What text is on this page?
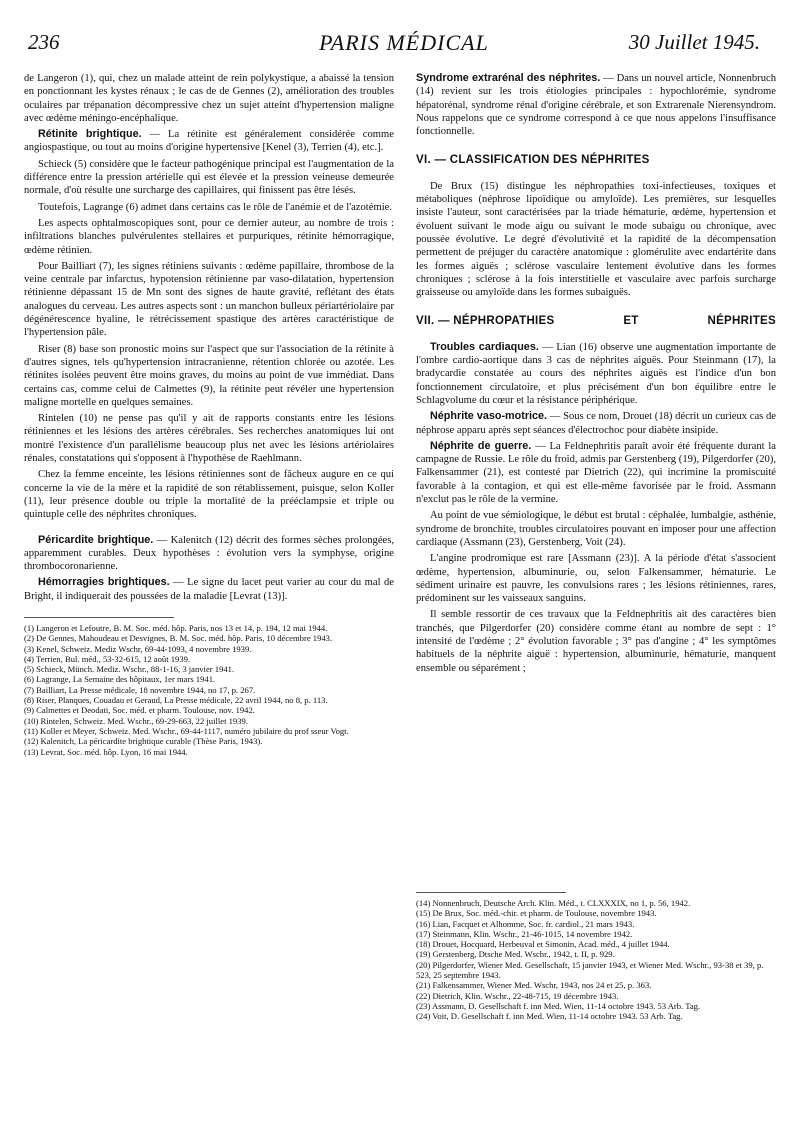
236	PARIS MÉDICAL	30 Juillet 1945.

de Langeron (1), qui, chez un malade atteint de rein polykystique, a abaissé la tension en ponctionnant les kystes rénaux ; le cas de de Gennes (2), amélioration des troubles oculaires par trépanation décompressive chez un sujet atteint d'hypertension maligne avec œdème méningo-encéphalique.

Rétinite brightique. — La rétinite est généralement considérée comme angiospastique, ou tout au moins d'origine hypertensive [Kenel (3), Terrien (4), etc.].

Schieck (5) considère que le facteur pathogénique principal est l'augmentation de la différence entre la pression artérielle qui est élevée et la pression veineuse demeurée normale, d'où résulte une surcharge des capillaires, qui finissent pas être lésés.

Toutefois, Lagrange (6) admet dans certains cas le rôle de l'anémie et de l'azotémie.

Les aspects ophtalmoscopiques sont, pour ce dernier auteur, au nombre de trois : infiltrations blanches pulvérulentes stellaires et purpuriques, rétinite hémorragique, œdème rétinien.

Pour Bailliart (7), les signes rétiniens suivants : œdème papillaire, thrombose de la veine centrale par infarctus, hypotension rétinienne par vaso-dilatation, hypertension rétinienne dépassant 15 de Mn sont des signes de haute gravité, reflétant des états analogues du cerveau. Les autres aspects sont : un manchon bulleux périartériolaire par dégénérescence hyaline, le rétrécissement spastique des artères caractéristique de l'hypertension pâle.

Riser (8) base son pronostic moins sur l'aspect que sur l'association de la rétinite à d'autres signes, tels qu'hypertension intracranienne, rétention chlorée ou azotée. Les rétinites isolées peuvent être moins graves, du moins au point de vue immédiat. Dans certains cas, comme celui de Calmettes (9), la rétinite peut révéler une hypertension maligne mortelle en quelques semaines.

Rintelen (10) ne pense pas qu'il y ait de rapports constants entre les lésions rétiniennes et les lésions des artères cérébrales. Ses recherches anatomiques lui ont montré l'existence d'un parallélisme beaucoup plus net avec les lésions artériolaires rénales, constatations qui s'opposent à l'hypothèse de Raehlmann.

Chez la femme enceinte, les lésions rétiniennes sont de fâcheux augure en ce qui concerne la vie de la mère et la rapidité de son rétablissement, puisque, selon Koller (11), leur présence double ou triple la mortalité de la prééclampsie et triple ou quintuple celle des néphrites chroniques.

Péricardite brightique. — Kalenitch (12) décrit des formes sèches prolongées, apparemment curables. Deux hypothèses : évolution vers la symphyse, origine thrombocoronarienne.

Hémorragies brightiques. — Le signe du lacet peut varier au cour du mal de Bright, il indiquerait des poussées de la maladie [Levrat (13)].

(1) Langeron et Lefoutre, B. M. Soc. méd. hôp. Paris, nos 13 et 14, p. 194, 12 mai 1944.
(2) De Gennes, Mahoudeau et Desvignes, B. M. Soc. méd. hôp. Paris, 10 décembre 1943.
(3) Kenel, Schweiz. Mediz Wschr, 69-44-1093, 4 novembre 1939.
(4) Terrien, Bul. méd., 53-32-615, 12 août 1939.
(5) Schieck, Münch. Mediz. Wschr., 88-1-16, 3 janvier 1941.
(6) Lagrange, La Semaine des hôpitaux, 1er mars 1941.
(7) Bailliart, La Presse médicale, 18 novembre 1944, no 17, p. 267.
(8) Riser, Planques, Couadau et Geraud, La Presse médicale, 22 avril 1944, no 8, p. 113.
(9) Calmettes et Deodati, Soc. méd. et pharm. Toulouse, nov. 1942.
(10) Rintelen, Schweiz. Med. Wschr., 69-29-663, 22 juillet 1939.
(11) Koller et Meyer, Schweiz. Med. Wschr., 69-44-1117, numéro jubilaire du prof sseur Vogt.
(12) Kalenitch, La péricardite brightique curable (Thèse Paris, 1943).
(13) Levrat, Soc. méd. hôp. Lyon, 16 mai 1944.

Syndrome extrarénal des néphrites. — Dans un nouvel article, Nonnenbruch (14) revient sur les trois étiologies principales : hypochlorémie, syndrome hépatorénal, syndrome rénal d'origine cérébrale, et son Extrarenale Nierensyndrom. Nous rappelons que ce syndrome correspond à ce que nous appelons l'insuffisance fonctionnelle.

VI. — CLASSIFICATION DES NÉPHRITES

De Brux (15) distingue les néphropathies toxi-infectieuses, toxiques et métaboliques (néphrose lipoïdique ou amyloïde). Les premières, sur lesquelles insiste l'auteur, sont caractérisées par la triade hématurie, œdème, hypertension et évoluent suivant le mode aigu ou suivant le mode subaigu ou chronique, avec poussée évolutive. Le degré d'évolutivité et la rapidité de la décompensation permettent de préjuger du caractère anatomique : glomérulite avec endartérite dans les formes aiguës ; sclérose vasculaire lentement évolutive dans les formes chroniques ; sclérose à la fois interstitielle et vasculaire avec parfois surcharge graisseuse ou amyloïde dans les formes subaiguës.

VII. — NÉPHROPATHIES	ET	NÉPHRITES

Troubles cardiaques. — Lian (16) observe une augmentation importante de l'ombre cardio-aortique dans 3 cas de néphrites aiguës. Pour Steinmann (17), la bradycardie constatée au cours des néphrites aiguës est l'indice d'un bon fonctionnement circulatoire, et plus précisément d'un bon équilibre entre le Schlagvolume du cœur et la résistance périphérique.

Néphrite vaso-motrice. — Sous ce nom, Drouet (18) décrit un curieux cas de néphrose apparu après sept séances d'électrochoc pour diabète insipide.

Néphrite de guerre. — La Feldnephritis paraît avoir été fréquente durant la campagne de Russie. Le rôle du froid, admis par Gerstenberg (19), Pilgerdorfer (20), Falkensammer (21), est contesté par Dietrich (22), qui incrimine la promiscuité favorable à la contagion, et qui est elle-même favorisée par le froid. Assmann n'exclut pas le rôle de la vermine.

Au point de vue sémiologique, le début est brutal : céphalée, lumbalgie, asthénie, syndrome de bronchite, troubles circulatoires pouvant en imposer pour une affection cardiaque (Assmann (23), Gerstenberg, Voit (24).

L'angine prodromique est rare [Assmann (23)]. A la période d'état s'associent œdème, hypertension, albuminurie, ou, selon Falkensammer, hématurie. Le sédiment urinaire est pauvre, les convulsions rares ; les lésions rétiniennes, rares, prédominent sur les vaisseaux sanguins.

Il semble ressortir de ces travaux que la Feldnephritis ait des caractères bien tranchés, que Pilgerdorfer (20) considère comme étant au nombre de sept : 1° intensité de l'œdème ; 2° évolution favorable ; 3° pas d'angine ; 4° les symptômes habituels de la néphrite aiguë : hypertension, albuminurie, hématurie, manquent ensemble ou séparément ;

(14) Nonnenbruch, Deutsche Arch. Klin. Méd., t. CLXXXIX, no 1, p. 56, 1942.
(15) De Brux, Soc. méd.-chir. et pharm. de Toulouse, novembre 1943.
(16) Lian, Facquet et Alhomme, Soc. fr. cardiol., 21 mars 1943.
(17) Steinmann, Klin. Wschr., 21-46-1015, 14 novembre 1942.
(18) Drouet, Hocquard, Herbeuval et Simonin, Acad. méd., 4 juillet 1944.
(19) Gerstenberg, Dtsche Med. Wschr., 1942, t. II, p. 929.
(20) Pilgerdorfer, Wiener Med. Gesellschaft, 15 janvier 1943, et Wiener Med. Wschr., 93-38 et 39, p. 523, 25 septembre 1943.
(21) Falkensammer, Wiener Med. Wschr, 1943, nos 24 et 25, p. 363.
(22) Dietrich, Klin. Wschr., 22-48-715, 19 décembre 1943.
(23) Assmann, D. Gesellschaft f. inn Med. Wien, 11-14 octobre 1943. 53 Arb. Tag.
(24) Voit, D. Gesellschaft f. inn Med. Wien, 11-14 octobre 1943. 53 Arb. Tag.
